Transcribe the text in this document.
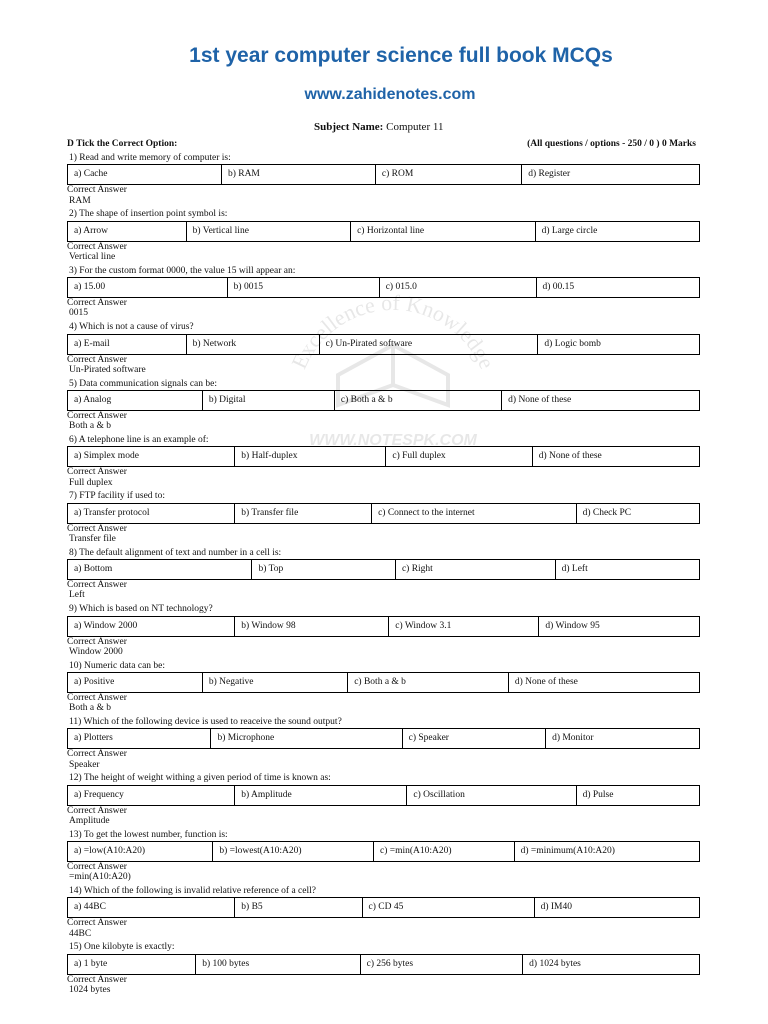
1st year computer science full book MCQs
www.zahidenotes.com
Subject Name: Computer 11
D Tick the Correct Option:	(All questions / options - 250 / 0 ) 0 Marks
Excellence of Knowledge
WWW.NOTESPK.COM
1) Read and write memory of computer is:
a) Cache	b) RAM	c) ROM	d) Register
Correct Answer
RAM
2) The shape of insertion point symbol is:
a) Arrow	b) Vertical line	c) Horizontal line	d) Large circle
Correct Answer
Vertical line
3) For the custom format 0000, the value 15 will appear an:
a) 15.00	b) 0015	c) 015.0	d) 00.15
Correct Answer
0015
4) Which is not a cause of virus?
a) E-mail	b) Network	c) Un-Pirated software	d) Logic bomb
Correct Answer
Un-Pirated software
5) Data communication signals can be:
a) Analog	b) Digital	c) Both a & b	d) None of these
Correct Answer
Both a & b
6) A telephone line is an example of:
a) Simplex mode	b) Half-duplex	c) Full duplex	d) None of these
Correct Answer
Full duplex
7) FTP facility if used to:
a) Transfer protocol	b) Transfer file	c) Connect to the internet	d) Check PC
Correct Answer
Transfer file
8) The default alignment of text and number in a cell is:
a) Bottom	b) Top	c) Right	d) Left
Correct Answer
Left
9) Which is based on NT technology?
a) Window 2000	b) Window 98	c) Window 3.1	d) Window 95
Correct Answer
Window 2000
10) Numeric data can be:
a) Positive	b) Negative	c) Both a & b	d) None of these
Correct Answer
Both a & b
11) Which of the following device is used to reaceive the sound output?
a) Plotters	b) Microphone	c) Speaker	d) Monitor
Correct Answer
Speaker
12) The height of weight withing a given period of time is known as:
a) Frequency	b) Amplitude	c) Oscillation	d) Pulse
Correct Answer
Amplitude
13) To get the lowest number, function is:
a) =low(A10:A20)	b) =lowest(A10:A20)	c) =min(A10:A20)	d) =minimum(A10:A20)
Correct Answer
=min(A10:A20)
14) Which of the following is invalid relative reference of a cell?
a) 44BC	b) B5	c) CD 45	d) IM40
Correct Answer
44BC
15) One kilobyte is exactly:
a) 1 byte	b) 100 bytes	c) 256 bytes	d) 1024 bytes
Correct Answer
1024 bytes
